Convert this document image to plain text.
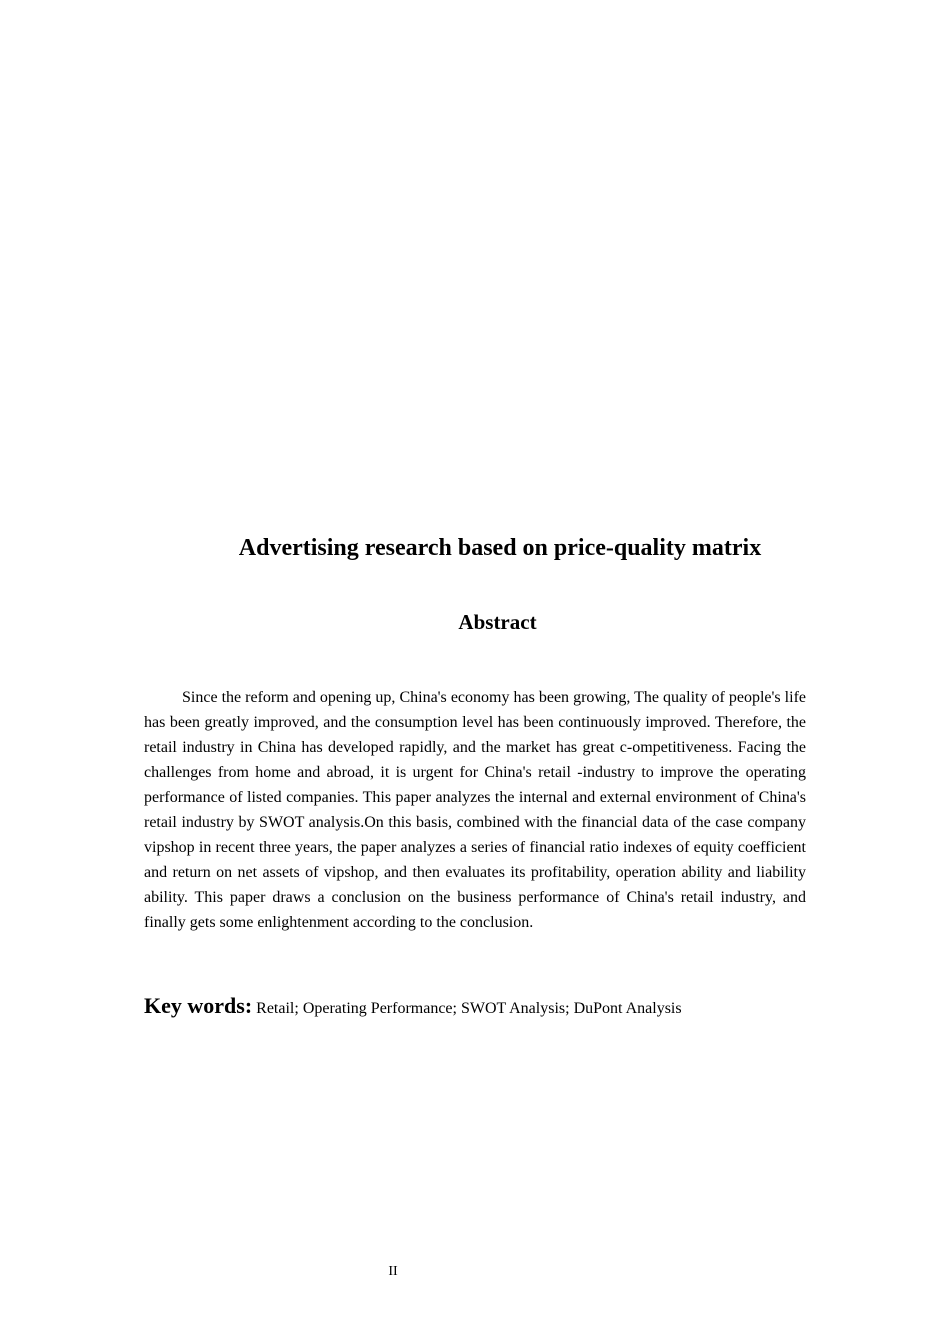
Advertising research based on price-quality matrix
Abstract

Since the reform and opening up, China's economy has been growing, The quality of people's life has been greatly improved, and the consumption level has been continuously improved. Therefore, the retail industry in China has developed rapidly, and the market has great c-ompetitiveness. Facing the challenges from home and abroad, it is urgent for China's retail -industry to improve the operating performance of listed companies. This paper analyzes the internal and external environment of China's retail industry by SWOT analysis.On this basis, combined with the financial data of the case company vipshop in recent three years, the paper analyzes a series of financial ratio indexes of equity coefficient and return on net assets of vipshop, and then evaluates its profitability, operation ability and liability ability. This paper draws a conclusion on the business performance of China's retail industry, and finally gets some enlightenment according to the conclusion.

Key words: Retail; Operating Performance; SWOT Analysis; DuPont Analysis

II
